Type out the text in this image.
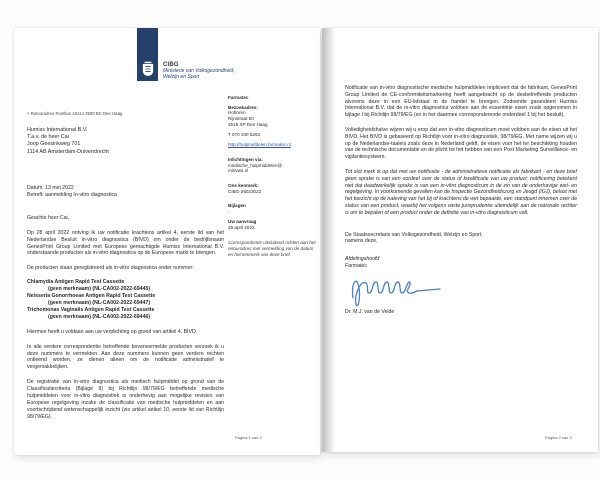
CIBG
Ministerie van Volksgezondheid,
Welzijn en Sport
> Retouradres Postbus 16114 2500 BC Den Haag
Humiss International B.V.
T.a.v. de heer Cai
Joop Geesinkweg 701
1114 AB Amsterdam-Duivendrecht
Farmatec
Bezoekadres:
Hoftoren
Rijnstraat 50
2515 XP Den Haag
T 070 340 5263
http://hulpmiddelen.farmatec.nl
Inlichtingen via:
medische_hulpmiddelen@
minvws.nl
Ons kenmerk:
CIBG-26023022
Bijlagen
-
Uw aanvraag
28 april 2022
Correspondentie uitsluitend richten aan het retouradres met vermelding van de datum en het kenmerk van deze brief.
Datum: 13 mei 2022
Betreft: aanmelding In-vitro diagnostica
Geachte heer Cai,
Op 28 april 2022 ontving ik uw notificatie krachtens artikel 4, eerste lid van het Nederlandse Besluit in-vitro diagnostica (BIVD) om onder de bedrijfsnaam GenesPrint Group Limited met Europees gemachtigde Humiss International B.V. onderstaande producten als in-vitro diagnostica op de Europese markt te brengen.
De producten staan geregistreerd als in-vitro diagnostica onder nummer:
Chlamydia Antigen Rapid Test Cassette
(geen merknaam) (NL-CA002-2022-69445)
Neisseria Gonorrhoeae Antigen Rapid Test Cassette
(geen merknaam) (NL-CA002-2022-69447)
Trichomonas Vaginalis Antigen Rapid Test Cassette
(geen merknaam) (NL-CA002-2022-69446)
Hiermee heeft u voldaan aan uw verplichting op grond van artikel 4, BIVD.
In alle verdere correspondentie betreffende bovenvermelde producten verzoek ik u deze nummers te vermelden. Aan deze nummers kunnen geen verdere rechten ontleend worden, ze dienen alleen om de notificatie administratief te vergemakkelijken.
De registratie van in-vitro diagnostica als medisch hulpmiddel op grond van de Classificatiecriteria (Bijlage II) bij Richtlijn 98/79/EG betreffende medische hulpmiddelen voor in-vitro diagnostiek is onderhevig aan mogelijke revisies van Europese regelgeving inzake de classificatie van medische hulpmiddelen en aan voortschrijdend wetenschappelijk inzicht (zie artikel artikel 10, eerste lid van Richtlijn 98/79/EG).
Pagina 1 van 2
Notificatie van in-vitro diagnostische medische hulpmiddelen impliceert dat de fabrikant, GenesPrint Group Limited de CE-conformiteitsmarkering heeft aangebracht op de desbetreffende producten alvorens deze in een EU-lidstaat in de handel te brengen. Zodoende garandeert Humiss International B.V. dat de in-vitro diagnostica voldoen aan de essentiële eisen zoals opgenomen in bijlage I bij Richtlijn 98/79/EG (en in het daarmee corresponderende onderdeel 1 bij het besluit).
Volledigheidshalve wijzen wij u erop dat een in-vitro diagnosticum moet voldoen aan de eisen uit het BIVD. Het BIVD is gebaseerd op Richtlijn voor in-vitro diagnostiek, 98/79/EG. Met name wijzen wij u op de Nederlandse-taaleis zoals deze in Nederland geldt, de eisen voor het ter beschikking houden van de technische documentatie en de plicht tot het hebben van een Post Marketing Surveillance- en vigilantiesysteem.
Tot slot merk ik op dat met uw notificatie - de administratieve notificatie als fabrikant - en deze brief geen sprake is van een oordeel over de status of kwalificatie van uw product: notificering betekent niet dat daadwerkelijk sprake is van een in-vitro diagnosticum in de zin van de onderhavige wet- en regelgeving. In voorkomende gevallen kan de Inspectie Gezondheidszorg en Jeugd (IGJ), belast met het toezicht op de naleving van het bij of krachtens de wet bepaalde, een standpunt innemen over de status van een product, waarbij het volgens vaste jurisprudentie uiteindelijk aan de nationale rechter is om te bepalen of een product onder de definitie van in-vitro diagnosticum valt.
De Staatssecretaris van Volksgezondheid, Welzijn en Sport,
namens deze,
Afdelingshoofd
Farmatec
Dr. M.J. van de Velde
Pagina 2 van 2
